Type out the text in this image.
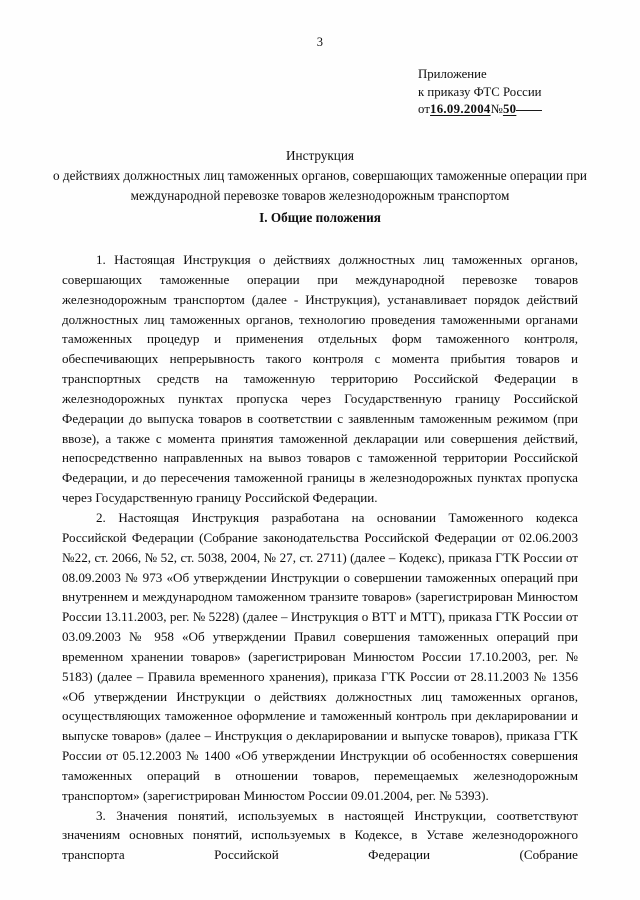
3
Приложение
к приказу ФТС России
от16.09.2004№50
Инструкция
о действиях должностных лиц таможенных органов, совершающих таможенные операции при международной перевозке товаров железнодорожным транспортом
I. Общие положения

1. Настоящая Инструкция о действиях должностных лиц таможенных органов, совершающих таможенные операции при международной перевозке товаров железнодорожным транспортом (далее - Инструкция), устанавливает порядок действий должностных лиц таможенных органов, технологию проведения таможенными органами таможенных процедур и применения отдельных форм таможенного контроля, обеспечивающих непрерывность такого контроля с момента прибытия товаров и транспортных средств на таможенную территорию Российской Федерации в железнодорожных пунктах пропуска через Государственную границу Российской Федерации до выпуска товаров в соответствии с заявленным таможенным режимом (при ввозе), а также с момента принятия таможенной декларации или совершения действий, непосредственно направленных на вывоз товаров с таможенной территории Российской Федерации, и до пересечения таможенной границы в железнодорожных пунктах пропуска через Государственную границу Российской Федерации.

2. Настоящая Инструкция разработана на основании Таможенного кодекса Российской Федерации (Собрание законодательства Российской Федерации от 02.06.2003 №22, ст. 2066, № 52, ст. 5038, 2004, № 27, ст. 2711) (далее – Кодекс), приказа ГТК России от 08.09.2003 № 973 «Об утверждении Инструкции о совершении таможенных операций при внутреннем и международном таможенном транзите товаров» (зарегистрирован Минюстом России 13.11.2003, рег. № 5228) (далее – Инструкция о ВТТ и МТТ), приказа ГТК России от 03.09.2003 № 958 «Об утверждении Правил совершения таможенных операций при временном хранении товаров» (зарегистрирован Минюстом России 17.10.2003, рег. № 5183) (далее – Правила временного хранения), приказа ГТК России от 28.11.2003 № 1356 «Об утверждении Инструкции о действиях должностных лиц таможенных органов, осуществляющих таможенное оформление и таможенный контроль при декларировании и выпуске товаров» (далее – Инструкция о декларировании и выпуске товаров), приказа ГТК России от 05.12.2003 № 1400 «Об утверждении Инструкции об особенностях совершения таможенных операций в отношении товаров, перемещаемых железнодорожным транспортом» (зарегистрирован Минюстом России 09.01.2004, рег. № 5393).

3. Значения понятий, используемых в настоящей Инструкции, соответствуют значениям основных понятий, используемых в Кодексе, в Уставе железнодорожного транспорта Российской Федерации (Собрание
